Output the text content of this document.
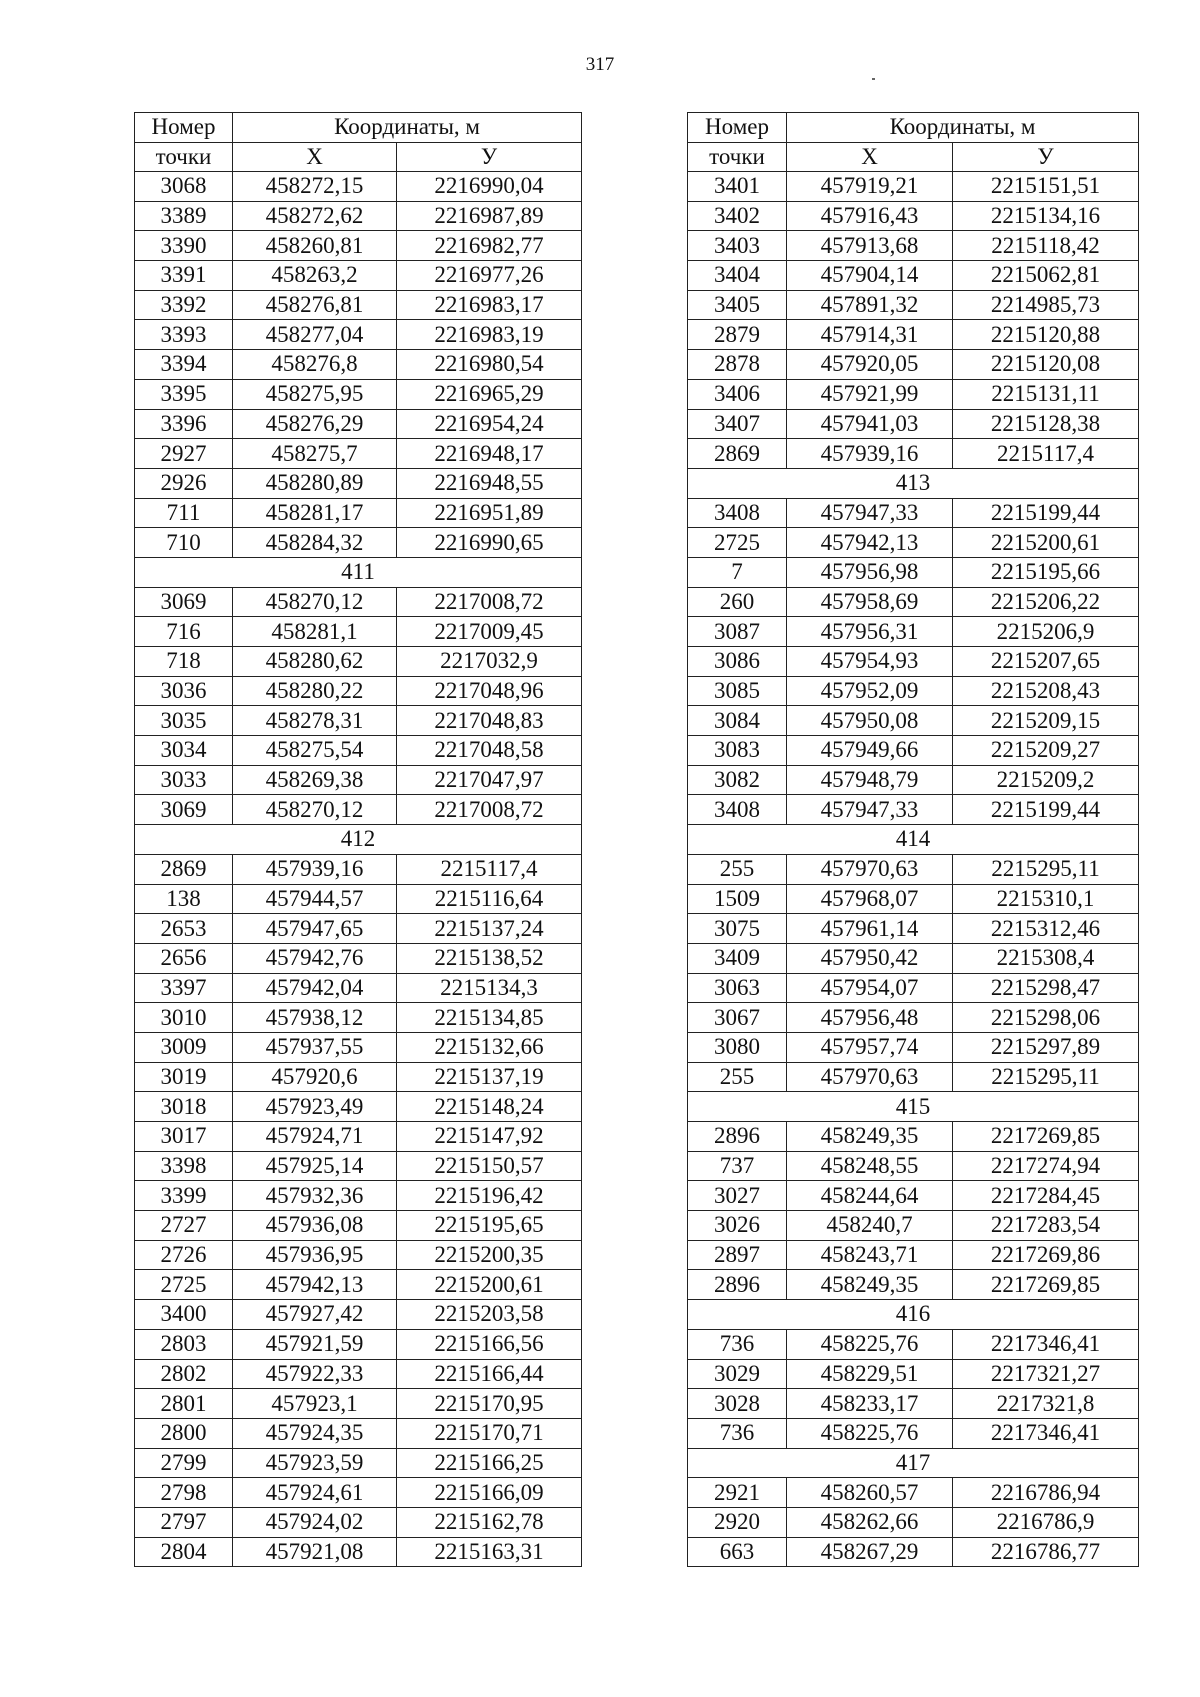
317
Номер	Координаты, м	
точки	Х	У
3068	458272,15	2216990,04
3389	458272,62	2216987,89
3390	458260,81	2216982,77
3391	458263,2	2216977,26
3392	458276,81	2216983,17
3393	458277,04	2216983,19
3394	458276,8	2216980,54
3395	458275,95	2216965,29
3396	458276,29	2216954,24
2927	458275,7	2216948,17
2926	458280,89	2216948,55
711	458281,17	2216951,89
710	458284,32	2216990,65
411		
3069	458270,12	2217008,72
716	458281,1	2217009,45
718	458280,62	2217032,9
3036	458280,22	2217048,96
3035	458278,31	2217048,83
3034	458275,54	2217048,58
3033	458269,38	2217047,97
3069	458270,12	2217008,72
412		
2869	457939,16	2215117,4
138	457944,57	2215116,64
2653	457947,65	2215137,24
2656	457942,76	2215138,52
3397	457942,04	2215134,3
3010	457938,12	2215134,85
3009	457937,55	2215132,66
3019	457920,6	2215137,19
3018	457923,49	2215148,24
3017	457924,71	2215147,92
3398	457925,14	2215150,57
3399	457932,36	2215196,42
2727	457936,08	2215195,65
2726	457936,95	2215200,35
2725	457942,13	2215200,61
3400	457927,42	2215203,58
2803	457921,59	2215166,56
2802	457922,33	2215166,44
2801	457923,1	2215170,95
2800	457924,35	2215170,71
2799	457923,59	2215166,25
2798	457924,61	2215166,09
2797	457924,02	2215162,78
2804	457921,08	2215163,31
Номер	Координаты, м	
точки	Х	У
3401	457919,21	2215151,51
3402	457916,43	2215134,16
3403	457913,68	2215118,42
3404	457904,14	2215062,81
3405	457891,32	2214985,73
2879	457914,31	2215120,88
2878	457920,05	2215120,08
3406	457921,99	2215131,11
3407	457941,03	2215128,38
2869	457939,16	2215117,4
413		
3408	457947,33	2215199,44
2725	457942,13	2215200,61
7	457956,98	2215195,66
260	457958,69	2215206,22
3087	457956,31	2215206,9
3086	457954,93	2215207,65
3085	457952,09	2215208,43
3084	457950,08	2215209,15
3083	457949,66	2215209,27
3082	457948,79	2215209,2
3408	457947,33	2215199,44
414		
255	457970,63	2215295,11
1509	457968,07	2215310,1
3075	457961,14	2215312,46
3409	457950,42	2215308,4
3063	457954,07	2215298,47
3067	457956,48	2215298,06
3080	457957,74	2215297,89
255	457970,63	2215295,11
415		
2896	458249,35	2217269,85
737	458248,55	2217274,94
3027	458244,64	2217284,45
3026	458240,7	2217283,54
2897	458243,71	2217269,86
2896	458249,35	2217269,85
416		
736	458225,76	2217346,41
3029	458229,51	2217321,27
3028	458233,17	2217321,8
736	458225,76	2217346,41
417		
2921	458260,57	2216786,94
2920	458262,66	2216786,9
663	458267,29	2216786,77
